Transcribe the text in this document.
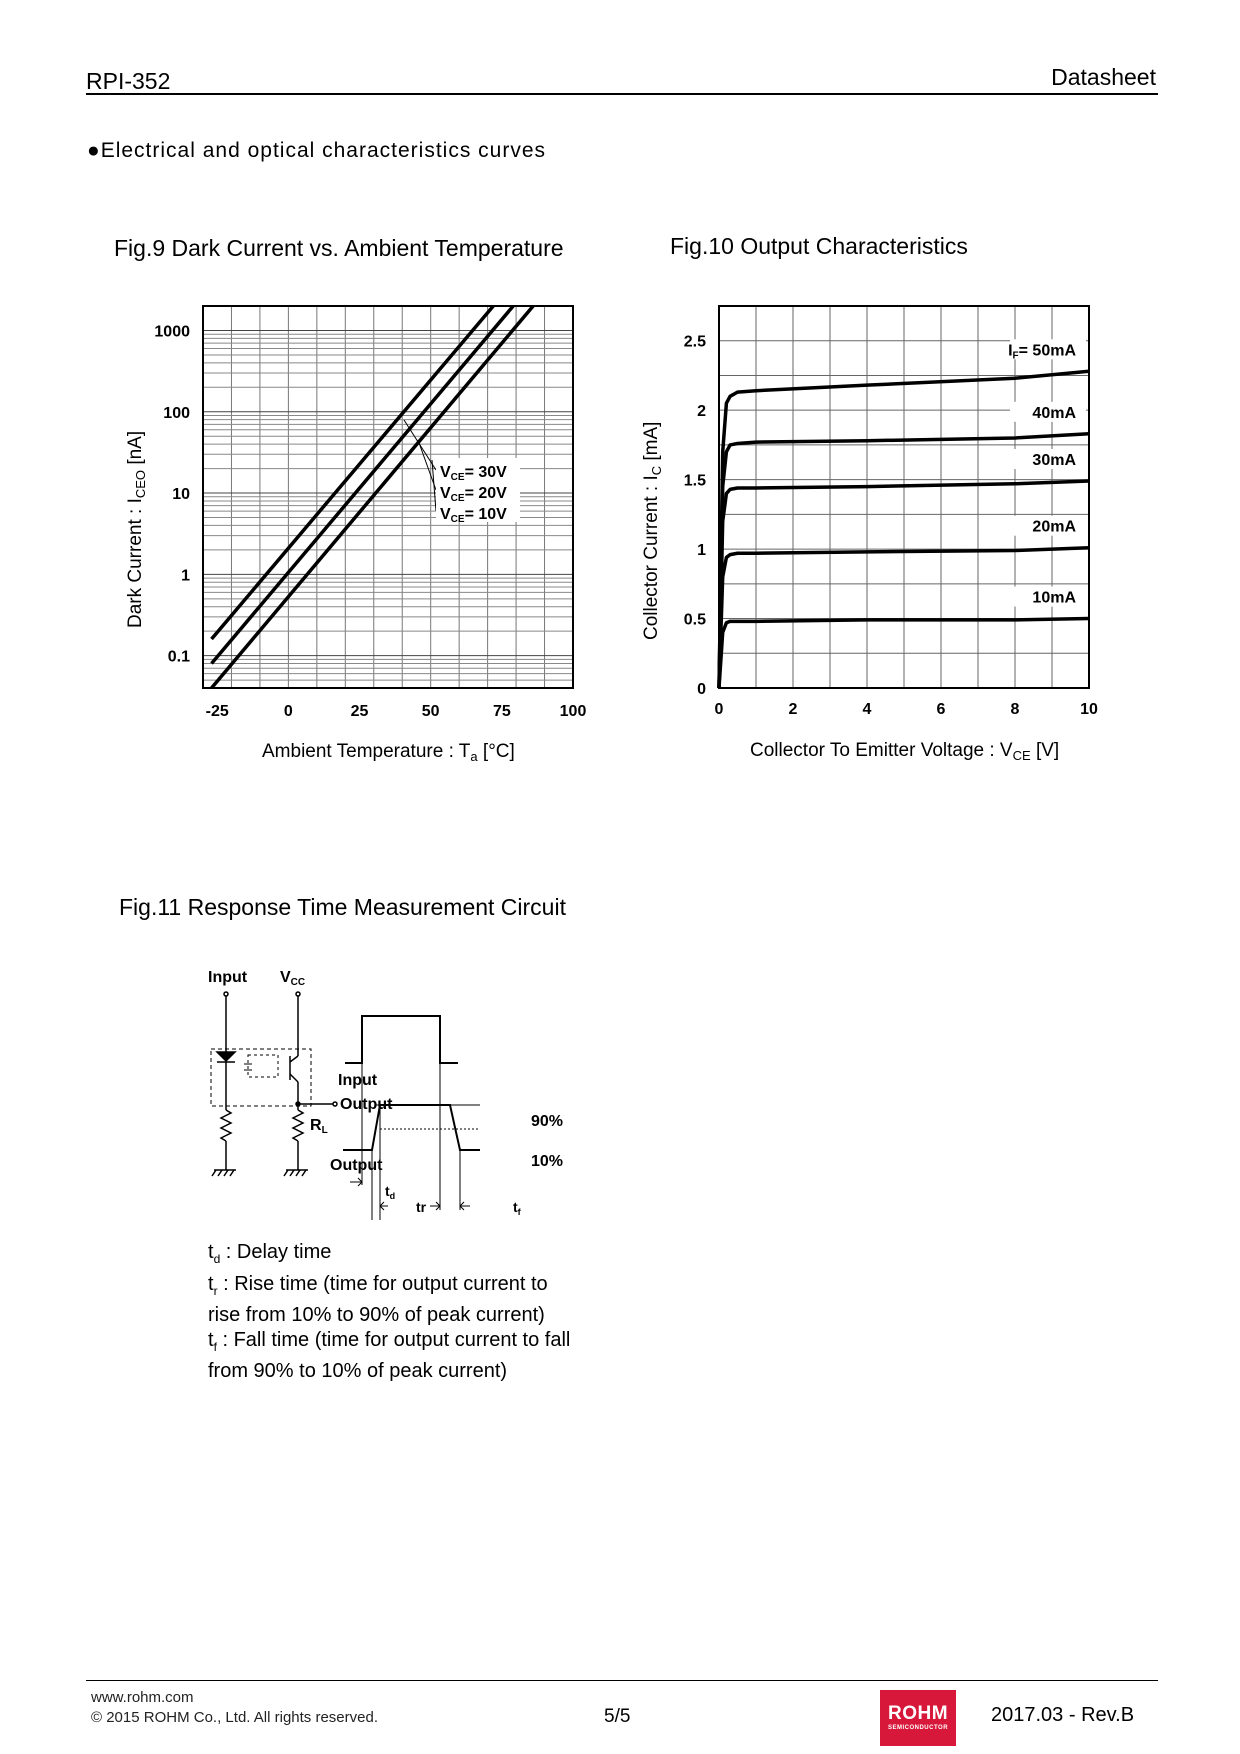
RPI-352	Datasheet
●Electrical and optical characteristics curves
Fig.9 Dark Current vs. Ambient Temperature	Fig.10 Output Characteristics
Fig.11 Response Time Measurement Circuit
-25	0	25	50	75	100
0.1
1
10
100
1000
VCE= 30V
VCE= 20V
VCE= 10V
Ambient Temperature : $T_a$ [°C]
Dark Current : $I_{CEO}$ [nA]
0	2	4	6	8	10
0
0.5
1
1.5
2
2.5
IF= 50mA
40mA
30mA
20mA
10mA
Collector To Emitter Voltage : $V_{CE}$ [V]
Collector Current : $I_C$ [mA]
Input VCC
Output
RL
Input
Output
90%
10%
$t_d$
tr	$t_f$
$t_d$ : Delay time
$t_r$ : Rise time (time for output current to
rise from 10% to 90% of peak current)
$t_f$ : Fall time (time for output current to fall
from 90% to 10% of peak current)
www.rohm.com
© 2015 ROHM Co., Ltd. All rights reserved.	5/5	ROHM
SEMICONDUCTOR
2017.03 - Rev.B
